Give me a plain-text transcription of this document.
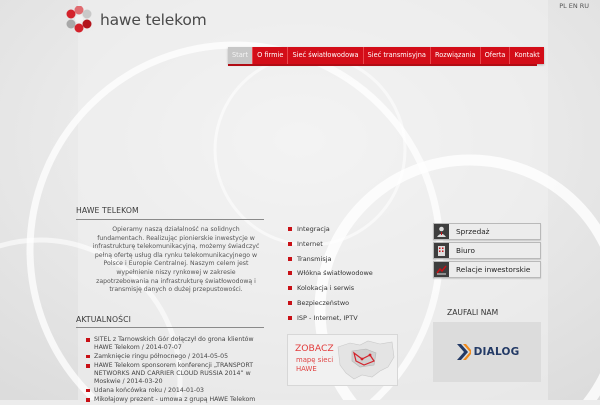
hawe telekom
PL EN RU
Start	O firmie	Sieć światłowodowa	Sieć transmisyjna	Rozwiązania	Oferta	Kontakt
HAWE TELEKOM
Opieramy naszą działalność na solidnych fundamentach. Realizując pionierskie inwestycje w infrastrukturę telekomunikacyjną, możemy świadczyć pełną ofertę usług dla rynku telekomunikacyjnego w Polsce i Europie Centralnej. Naszym celem jest wypełnienie niszy rynkowej w zakresie zapotrzebowania na infrastrukturę światłowodową i transmisję danych o dużej przepustowości.
AKTUALNOŚCI
SITEL z Tarnowskich Gór dołączył do grona klientów HAWE Telekom / 2014-07-07
Zamknięcie ringu północnego / 2014-05-05
HAWE Telekom sponsorem konferencji „TRANSPORT NETWORKS AND CARRIER CLOUD RUSSIA 2014” w Moskwie / 2014-03-20
Udana końcówka roku / 2014-01-03
Mikołajowy prezent - umowa z grupą HAWE Telekom
Integracja
Internet
Transmisja
Włókna światłowodowe
Kolokacja i serwis
Bezpieczeństwo
ISP - Internet, IPTV
ZOBACZ
mapę sieci
HAWE
Sprzedaż
Biuro
Relacje inwestorskie
ZAUFALI NAM
DIALOG
